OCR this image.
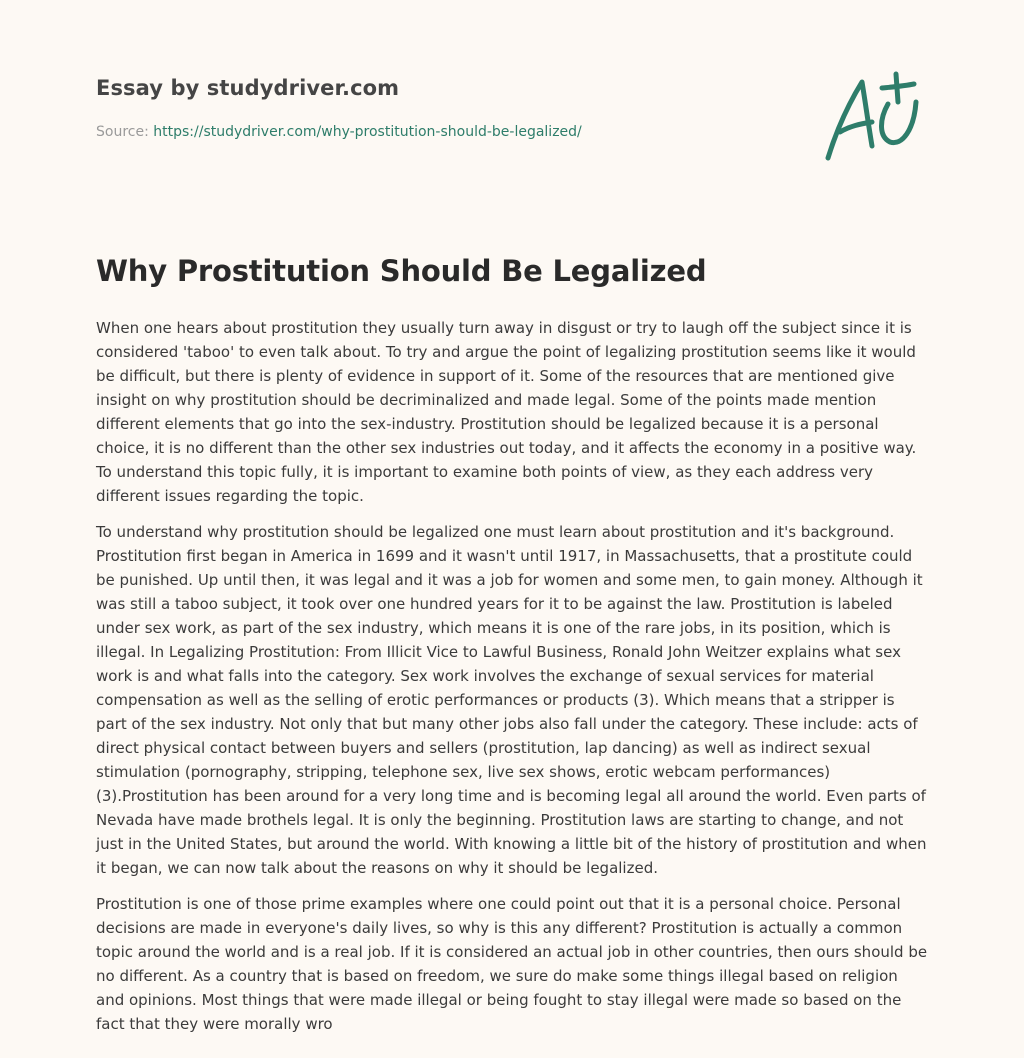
Essay by studydriver.com
Source: https://studydriver.com/why-prostitution-should-be-legalized/
Why Prostitution Should Be Legalized

When one hears about prostitution they usually turn away in disgust or try to laugh off the subject since it is considered 'taboo' to even talk about. To try and argue the point of legalizing prostitution seems like it would be difficult, but there is plenty of evidence in support of it. Some of the resources that are mentioned give insight on why prostitution should be decriminalized and made legal. Some of the points made mention different elements that go into the sex-industry. Prostitution should be legalized because it is a personal choice, it is no different than the other sex industries out today, and it affects the economy in a positive way. To understand this topic fully, it is important to examine both points of view, as they each address very different issues regarding the topic.

To understand why prostitution should be legalized one must learn about prostitution and it's background. Prostitution first began in America in 1699 and it wasn't until 1917, in Massachusetts, that a prostitute could be punished. Up until then, it was legal and it was a job for women and some men, to gain money. Although it was still a taboo subject, it took over one hundred years for it to be against the law. Prostitution is labeled under sex work, as part of the sex industry, which means it is one of the rare jobs, in its position, which is illegal. In Legalizing Prostitution: From Illicit Vice to Lawful Business, Ronald John Weitzer explains what sex work is and what falls into the category. Sex work involves the exchange of sexual services for material compensation as well as the selling of erotic performances or products (3). Which means that a stripper is part of the sex industry. Not only that but many other jobs also fall under the category. These include: acts of direct physical contact between buyers and sellers (prostitution, lap dancing) as well as indirect sexual stimulation (pornography, stripping, telephone sex, live sex shows, erotic webcam performances) (3).Prostitution has been around for a very long time and is becoming legal all around the world. Even parts of Nevada have made brothels legal. It is only the beginning. Prostitution laws are starting to change, and not just in the United States, but around the world. With knowing a little bit of the history of prostitution and when it began, we can now talk about the reasons on why it should be legalized.

Prostitution is one of those prime examples where one could point out that it is a personal choice. Personal decisions are made in everyone's daily lives, so why is this any different? Prostitution is actually a common topic around the world and is a real job. If it is considered an actual job in other countries, then ours should be no different. As a country that is based on freedom, we sure do make some things illegal based on religion and opinions. Most things that were made illegal or being fought to stay illegal were made so based on the fact that they were morally wro
